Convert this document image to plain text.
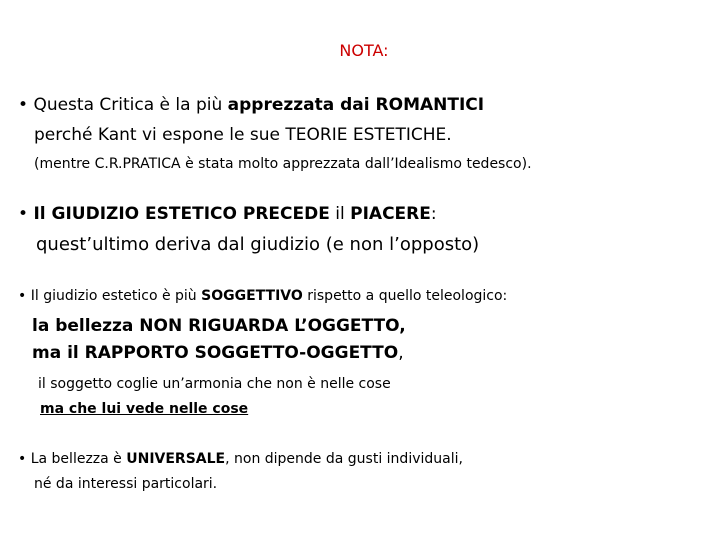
NOTA:
• Questa Critica è la più apprezzata dai ROMANTICI
perché Kant vi espone le sue TEORIE ESTETICHE.
(mentre C.R.PRATICA è stata molto apprezzata dall’Idealismo tedesco).
• Il GIUDIZIO ESTETICO PRECEDE il PIACERE:
quest’ultimo deriva dal giudizio (e non l’opposto)
• Il giudizio estetico è più SOGGETTIVO rispetto a quello teleologico:
la bellezza NON RIGUARDA L’OGGETTO,
ma il RAPPORTO SOGGETTO-OGGETTO,
il soggetto coglie un’armonia che non è nelle cose
ma che lui vede nelle cose
• La bellezza è UNIVERSALE, non dipende da gusti individuali,
né da interessi particolari.
